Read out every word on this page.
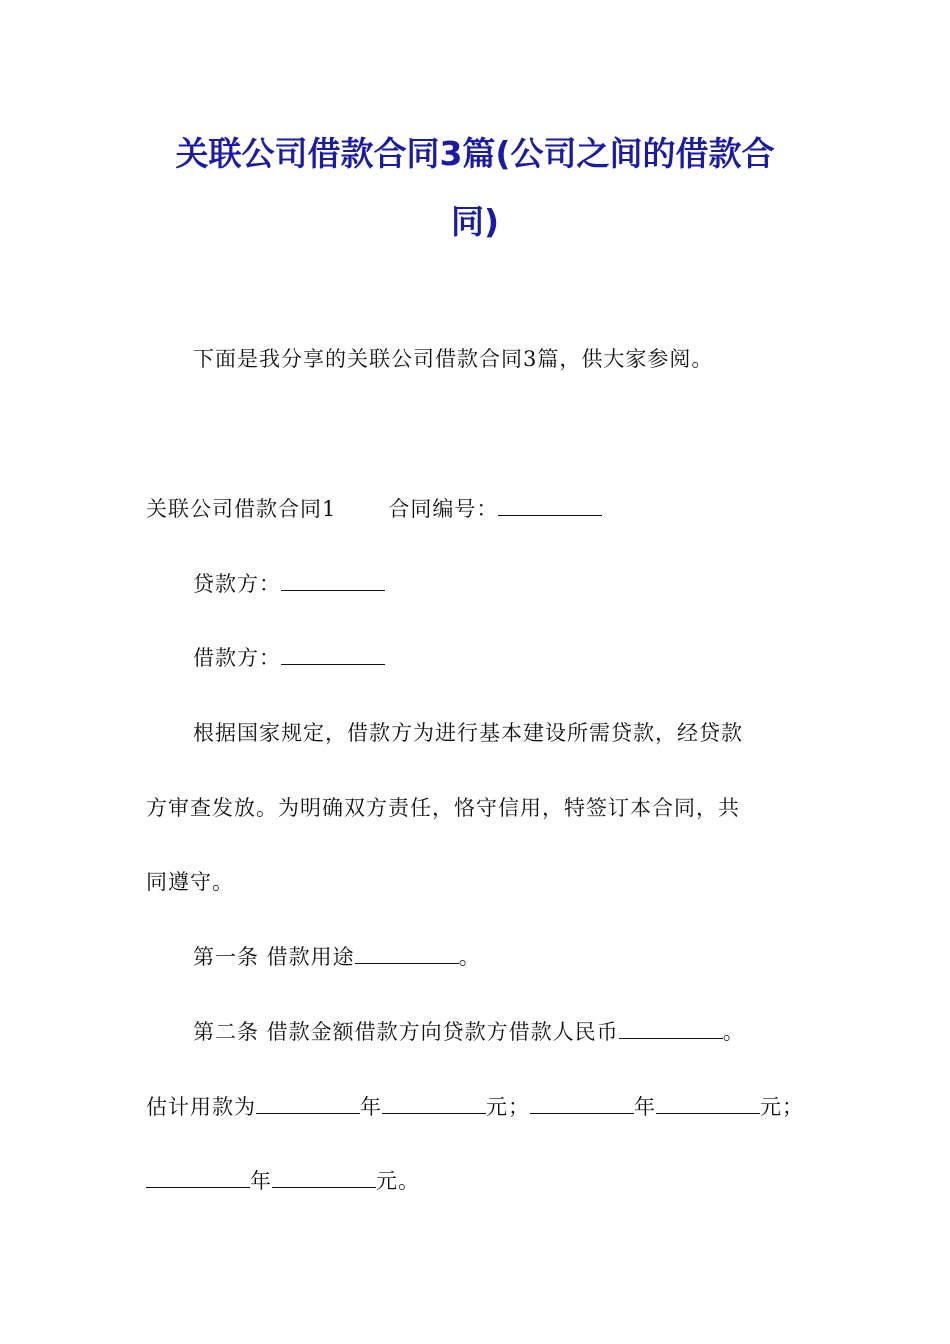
关联公司借款合同3篇(公司之间的借款合
同)
下面是我分享的关联公司借款合同3篇，供大家参阅。
关联公司借款合同1 合同编号：
贷款方：
借款方：
根据国家规定，借款方为进行基本建设所需贷款，经贷款
方审查发放。为明确双方责任，恪守信用，特签订本合同，共
同遵守。
第一条 借款用途	。
第二条 借款金额借款方向贷款方借款人民币	。
估计用款为	年	元；	年	元；
年	元。
